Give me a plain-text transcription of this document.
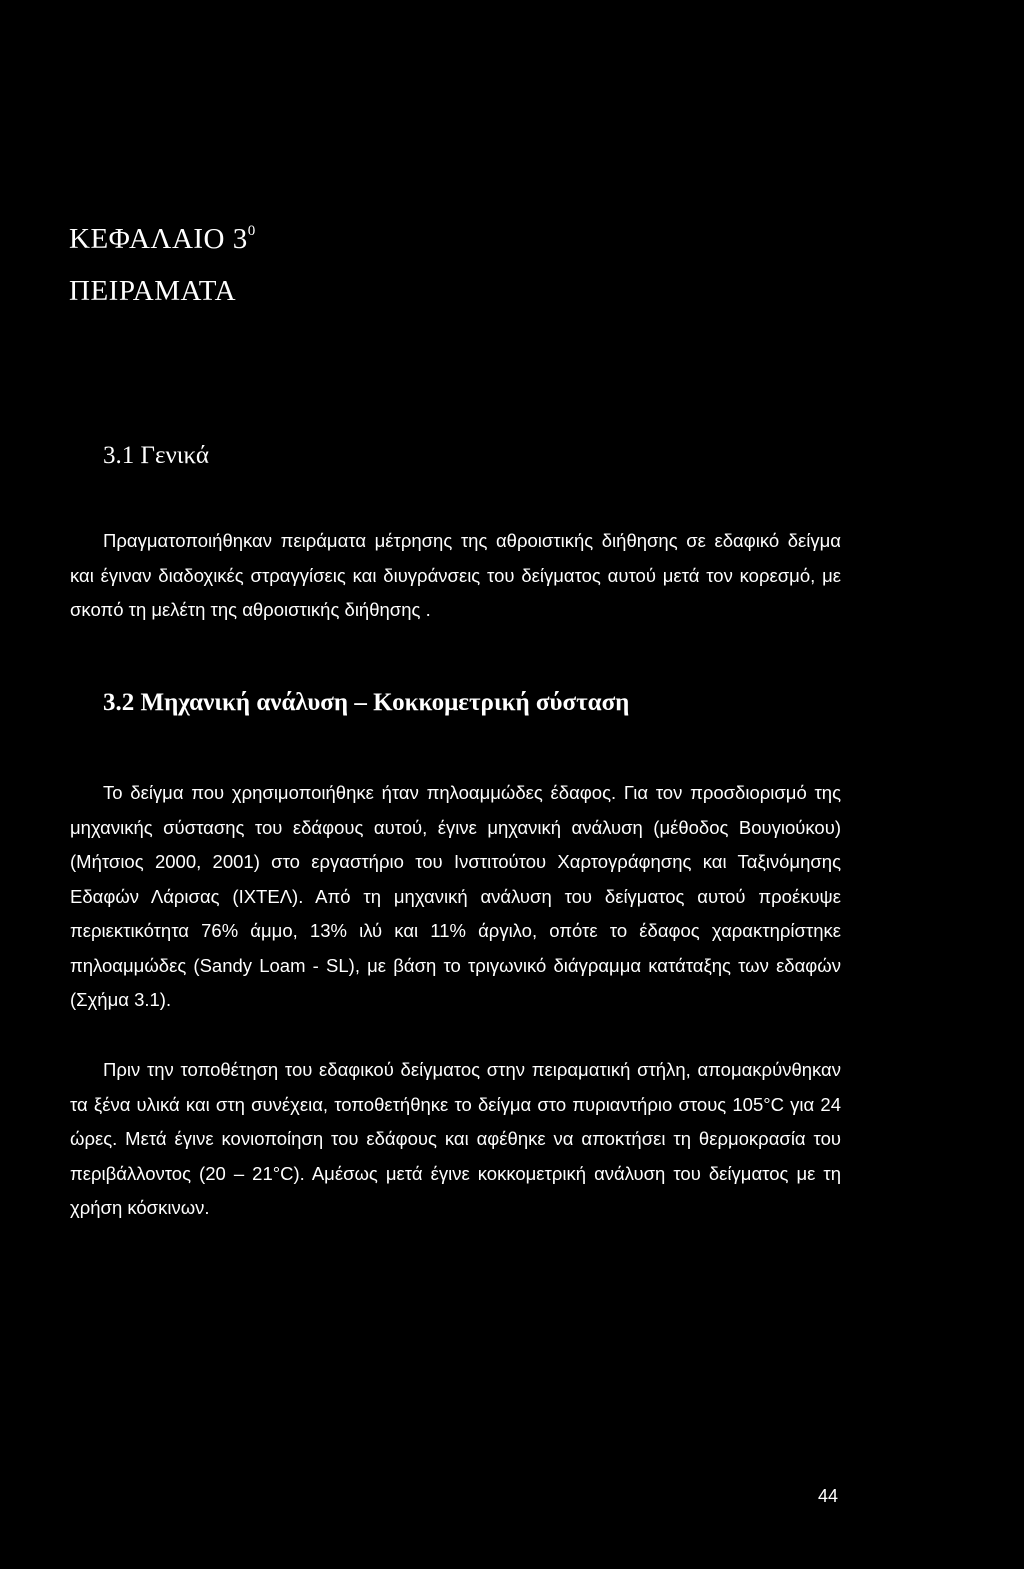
ΚΕΦΑΛΑΙΟ $3^0$
ΠΕΙΡΑΜΑΤΑ
3.1 Γενικά

Πραγματοποιήθηκαν πειράματα μέτρησης της αθροιστικής διήθησης σε εδαφικό δείγμα και έγιναν διαδοχικές στραγγίσεις και διυγράνσεις του δείγματος αυτού μετά τον κορεσμό, με σκοπό τη μελέτη της αθροιστικής διήθησης .

3.2 Μηχανική ανάλυση – Κοκκομετρική σύσταση

Το δείγμα που χρησιμοποιήθηκε ήταν πηλοαμμώδες έδαφος. Για τον προσδιορισμό της μηχανικής σύστασης του εδάφους αυτού, έγινε μηχανική ανάλυση (μέθοδος Βουγιούκου) (Μήτσιος 2000, 2001) στο εργαστήριο του Ινστιτούτου Χαρτογράφησης και Ταξινόμησης Εδαφών Λάρισας (ΙΧΤΕΛ). Από τη μηχανική ανάλυση του δείγματος αυτού προέκυψε περιεκτικότητα 76% άμμο, 13% ιλύ και 11% άργιλο, οπότε το έδαφος χαρακτηρίστηκε πηλοαμμώδες (Sandy Loam - SL), με βάση το τριγωνικό διάγραμμα κατάταξης των εδαφών (Σχήμα 3.1).

Πριν την τοποθέτηση του εδαφικού δείγματος στην πειραματική στήλη, απομακρύνθηκαν τα ξένα υλικά και στη συνέχεια, τοποθετήθηκε το δείγμα στο πυριαντήριο στους 105°C για 24 ώρες. Μετά έγινε κονιοποίηση του εδάφους και αφέθηκε να αποκτήσει τη θερμοκρασία του περιβάλλοντος (20 – 21°C). Αμέσως μετά έγινε κοκκομετρική ανάλυση του δείγματος με τη χρήση κόσκινων.

44
